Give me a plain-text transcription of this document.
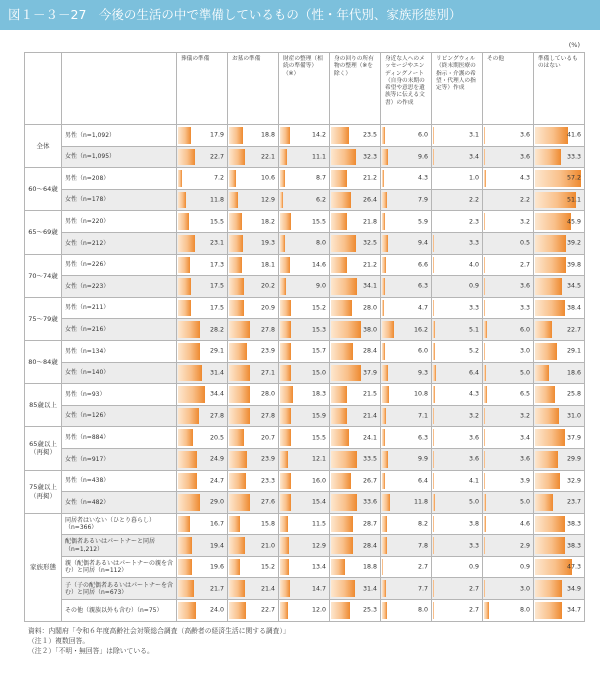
図１－３－27　今後の生活の中で準備しているもの（性・年代別、家族形態別）
(%)
		葬儀の準備	お墓の準備	財産の整理（相続の準備等）（※）	身の回りの所有物の整理（※を除く）	身近な人へのメッセージやエンディングノート（自身の末期の希望や意思を遺族等に伝える文書）の作成	リビングウィル（終末期医療の指示・介護の希望・代理人の指定等）作成	その他	準備しているものはない
全体	男性（n=1,092）	17.9	18.8	14.2	23.5	6.0	3.1	3.6	41.6

	女性（n=1,095）	22.7	22.1	11.1	32.3	9.6	3.4	3.6	33.3

60～64歳	男性（n=208）	7.2	10.6	8.7	21.2	4.3	1.0	4.3	57.2

	女性（n=178）	11.8	12.9	6.2	26.4	7.9	2.2	2.2	51.1

65～69歳	男性（n=220）	15.5	18.2	15.5	21.8	5.9	2.3	3.2	45.9

	女性（n=212）	23.1	19.3	8.0	32.5	9.4	3.3	0.5	39.2

70～74歳	男性（n=226）	17.3	18.1	14.6	21.2	6.6	4.0	2.7	39.8

	女性（n=223）	17.5	20.2	9.0	34.1	6.3	0.9	3.6	34.5

75～79歳	男性（n=211）	17.5	20.9	15.2	28.0	4.7	3.3	3.3	38.4

	女性（n=216）	28.2	27.8	15.3	38.0	16.2	5.1	6.0	22.7

80～84歳	男性（n=134）	29.1	23.9	15.7	28.4	6.0	5.2	3.0	29.1

	女性（n=140）	31.4	27.1	15.0	37.9	9.3	6.4	5.0	18.6

85歳以上	男性（n=93）	34.4	28.0	18.3	21.5	10.8	4.3	6.5	25.8

	女性（n=126）	27.8	27.8	15.9	21.4	7.1	3.2	3.2	31.0

65歳以上（再掲）	男性（n=884）	20.5	20.7	15.5	24.1	6.3	3.6	3.4	37.9

	女性（n=917）	24.9	23.9	12.1	33.5	9.9	3.6	3.6	29.9

75歳以上（再掲）	男性（n=438）	24.7	23.3	16.0	26.7	6.4	4.1	3.9	32.9

	女性（n=482）	29.0	27.6	15.4	33.6	11.8	5.0	5.0	23.7

家族形態	同居者はいない（ひとり暮らし）（n=366）	16.7	15.8	11.5	28.7	8.2	3.8	4.6	38.3

	配偶者あるいはパートナーと同居（n=1,212）	19.4	21.0	12.9	28.4	7.8	3.3	2.9	38.3

	親（配偶者あるいはパートナーの親を含む）と同居（n=112）	19.6	15.2	13.4	18.8	2.7	0.9	0.9	47.3

	子（子の配偶者あるいはパートナーを含む）と同居（n=673）	21.7	21.4	14.7	31.4	7.7	2.7	3.0	34.9

	その他（親族以外も含む）（n=75）	24.0	22.7	12.0	25.3	8.0	2.7	8.0	34.7
資料：内閣府「令和６年度高齢社会対策総合調査（高齢者の経済生活に関する調査）」
（注１）複数回答。
（注２）「不明・無回答」は除いている。
